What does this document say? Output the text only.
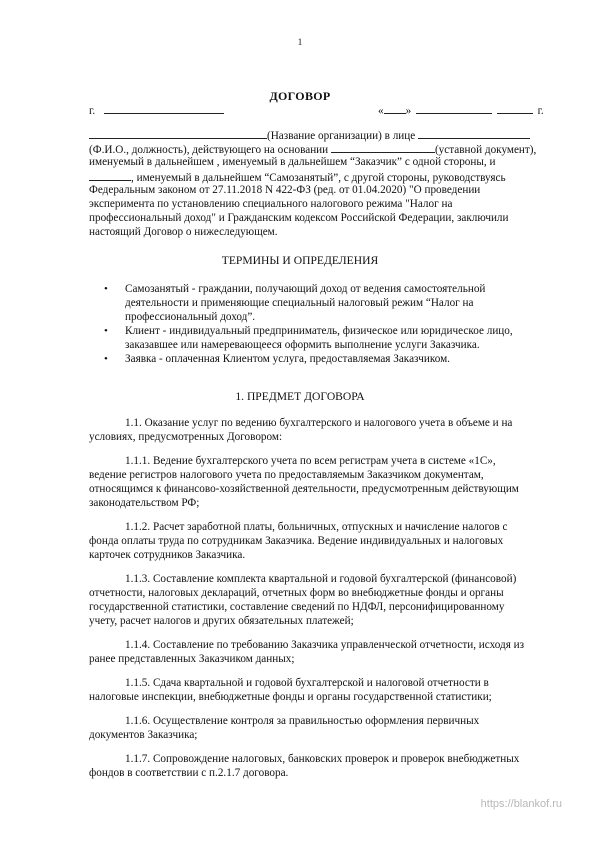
1
ДОГОВОР
г.	« »	г.
(Название организации) в лице
(Ф.И.О., должность), действующего на основании	(уставной документ),
именуемый в дальнейшем , именуемый в дальнейшем “Заказчик” с одной стороны, и
, именуемый в дальнейшем “Самозанятый”, с другой стороны, руководствуясь
Федеральным законом от 27.11.2018 N 422-ФЗ (ред. от 01.04.2020) "О проведении
эксперимента по установлению специального налогового режима "Налог на
профессиональный доход" и Гражданским кодексом Российской Федерации, заключили
настоящий Договор о нижеследующем.
ТЕРМИНЫ И ОПРЕДЕЛЕНИЯ
• Самозанятый - граждании, получающий доход от ведения самостоятельной
деятельности и применяющие специальный налоговый режим “Налог на
профессиональный доход”.
• Клиент - индивидуальный предприниматель, физическое или юридическое лицо,
заказавшее или намеревающееся оформить выполнение услуги Заказчика.
• Заявка - оплаченная Клиентом услуга, предоставляемая Заказчиком.
1. ПРЕДМЕТ ДОГОВОРА
1.1. Оказание услуг по ведению бухгалтерского и налогового учета в объеме и на
условиях, предусмотренных Договором:
1.1.1. Ведение бухгалтерского учета по всем регистрам учета в системе «1С»,
ведение регистров налогового учета по предоставляемым Заказчиком документам,
относящимся к финансово-хозяйственной деятельности, предусмотренным действующим
законодательством РФ;
1.1.2. Расчет заработной платы, больничных, отпускных и начисление налогов с
фонда оплаты труда по сотрудникам Заказчика. Ведение индивидуальных и налоговых
карточек сотрудников Заказчика.
1.1.3. Составление комплекта квартальной и годовой бухгалтерской (финансовой)
отчетности, налоговых деклараций, отчетных форм во внебюджетные фонды и органы
государственной статистики, составление сведений по НДФЛ, персонифицированному
учету, расчет налогов и других обязательных платежей;
1.1.4. Составление по требованию Заказчика управленческой отчетности, исходя из
ранее представленных Заказчиком данных;
1.1.5. Сдача квартальной и годовой бухгалтерской и налоговой отчетности в
налоговые инспекции, внебюджетные фонды и органы государственной статистики;
1.1.6. Осуществление контроля за правильностью оформления первичных
документов Заказчика;
1.1.7. Сопровождение налоговых, банковских проверок и проверок внебюджетных
фондов в соответствии с п.2.1.7 договора.
https://blankof.ru
